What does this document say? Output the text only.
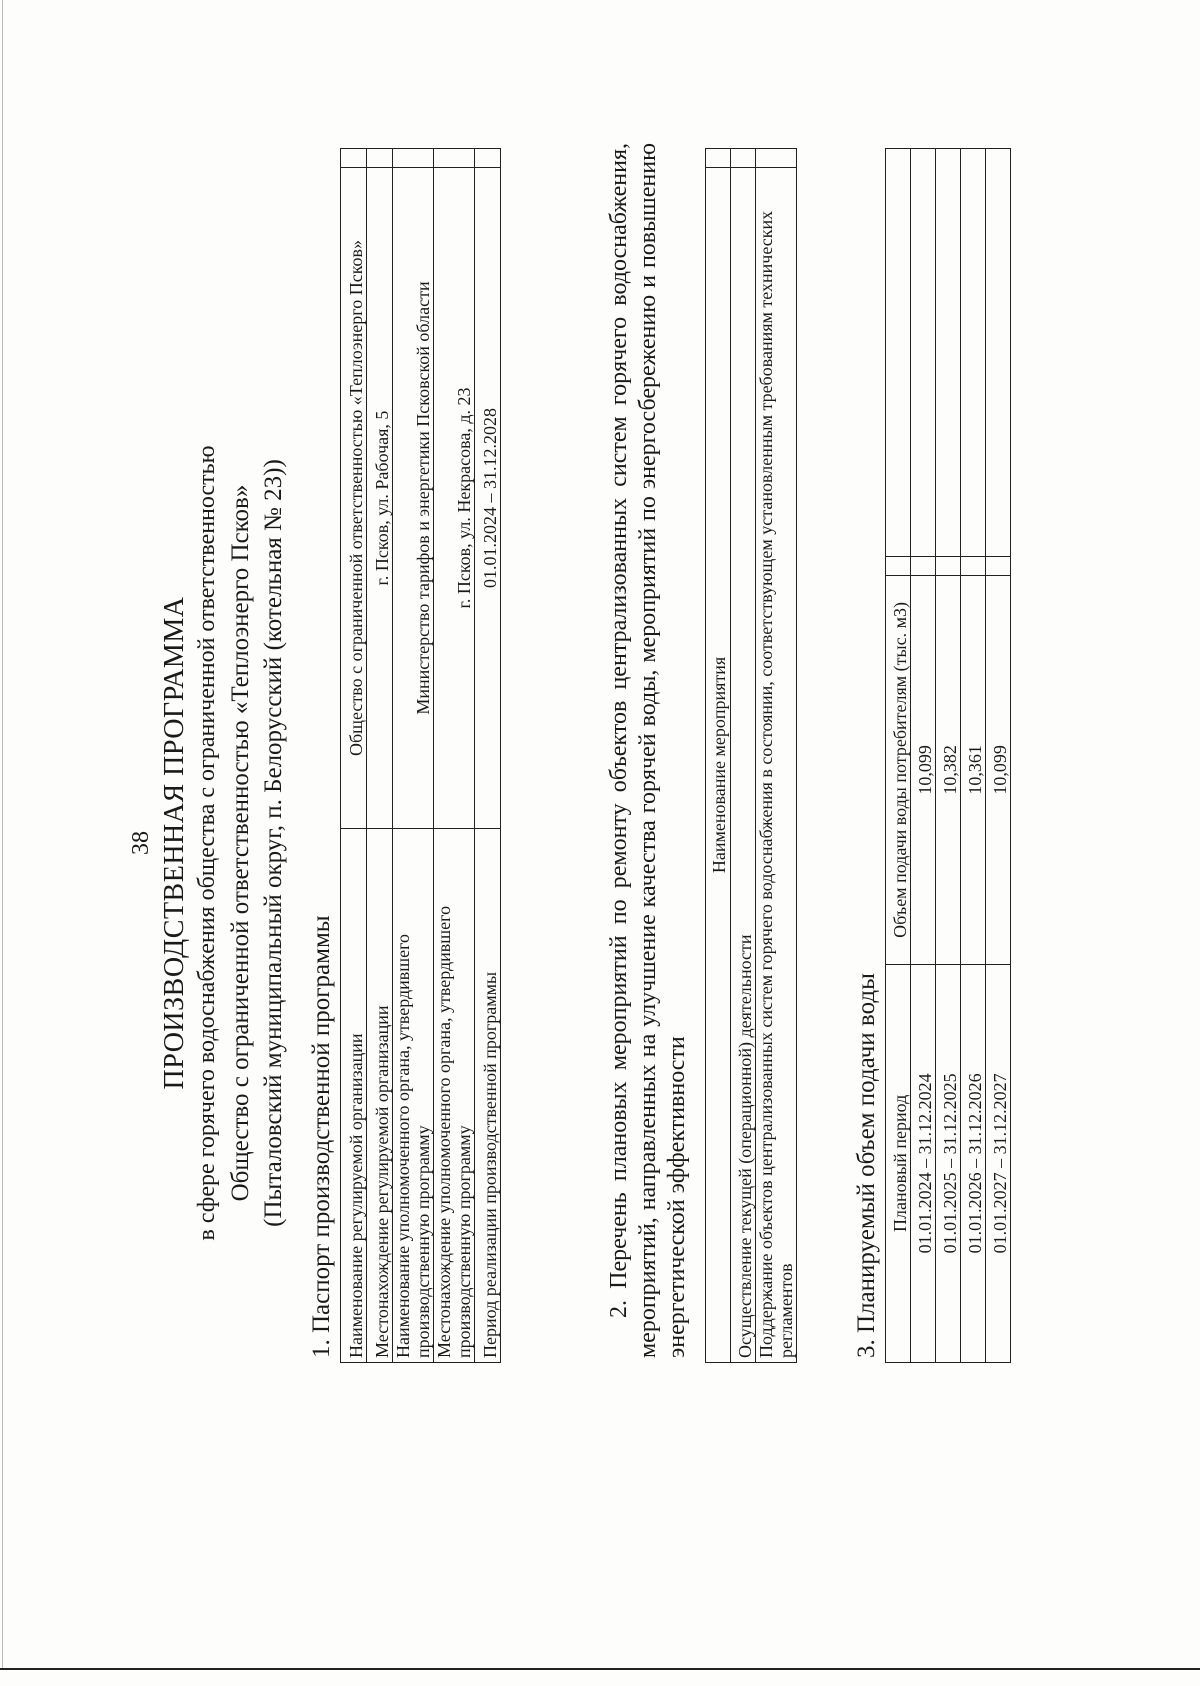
38 ПРОИЗВОДСТВЕННАЯ ПРОГРАММА в сфере горячего водоснабжения общества с ограниченной ответственностью Общество с ограниченной ответственностью «Теплоэнерго Псков» (Пыталовский муниципальный округ, п. Белорусский (котельная № 23)) 1. Паспорт производственной программы Наименование регулируемой организации	Общество с ограниченной ответственностью «Теплоэнерго Псков»	
Местонахождение регулируемой организации	г. Псков, ул. Рабочая, 5	
Наименование уполномоченного органа, утвердившего производственную программу	Министерство тарифов и энергетики Псковской области	
Местонахождение уполномоченного органа, утвердившего производственную программу	г. Псков, ул. Некрасова, д. 23	
Период реализации производственной программы	01.01.2024 – 31.12.2028		2. Перечень плановых мероприятий по ремонту объектов централизованных систем горячего водоснабжения, мероприятий, направленных на улучшение качества горячей воды, мероприятий по энергосбережению и повышению энергетической эффективности
Наименование мероприятия	
Осуществление текущей (операционной) деятельности	
Поддержание объектов централизованных систем горячего водоснабжения в состоянии, соответствующем установленным требованиям технических регламентов	3. Планируемый объем подачи воды Плановый период	Объем подачи воды потребителям (тыс. м3)		
01.01.2024 – 31.12.2024	10,099		
01.01.2025 – 31.12.2025	10,382		
01.01.2026 – 31.12.2026	10,361		
01.01.2027 – 31.12.2027	10,099		
